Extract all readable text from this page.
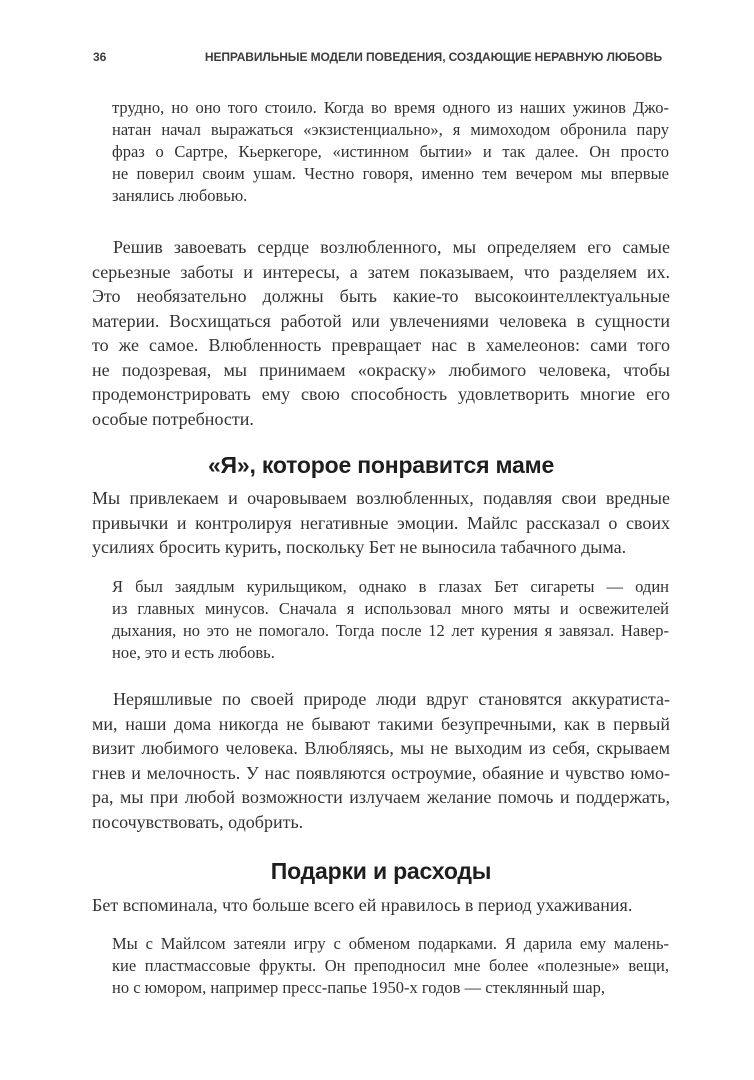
36	НЕПРАВИЛЬНЫЕ МОДЕЛИ ПОВЕДЕНИЯ, СОЗДАЮЩИЕ НЕРАВНУЮ ЛЮБОВЬ
трудно, но оно того стоило. Когда во время одного из наших ужинов Джо-
натан начал выражаться «экзистенциально», я мимоходом обронила пару
фраз о Сартре, Кьеркегоре, «истинном бытии» и так далее. Он просто
не поверил своим ушам. Честно говоря, именно тем вечером мы впервые
занялись любовью.
Решив завоевать сердце возлюбленного, мы определяем его самые
серьезные заботы и интересы, а затем показываем, что разделяем их.
Это необязательно должны быть какие-то высокоинтеллектуальные
материи. Восхищаться работой или увлечениями человека в сущности
то же самое. Влюбленность превращает нас в хамелеонов: сами того
не подозревая, мы принимаем «окраску» любимого человека, чтобы
продемонстрировать ему свою способность удовлетворить многие его
особые потребности.
«Я», которое понравится маме
Мы привлекаем и очаровываем возлюбленных, подавляя свои вредные
привычки и контролируя негативные эмоции. Майлс рассказал о своих
усилиях бросить курить, поскольку Бет не выносила табачного дыма.
Я был заядлым курильщиком, однако в глазах Бет сигареты — один
из главных минусов. Сначала я использовал много мяты и освежителей
дыхания, но это не помогало. Тогда после 12 лет курения я завязал. Навер-
ное, это и есть любовь.
Неряшливые по своей природе люди вдруг становятся аккуратиста-
ми, наши дома никогда не бывают такими безупречными, как в первый
визит любимого человека. Влюбляясь, мы не выходим из себя, скрываем
гнев и мелочность. У нас появляются остроумие, обаяние и чувство юмо-
ра, мы при любой возможности излучаем желание помочь и поддержать,
посочувствовать, одобрить.
Подарки и расходы
Бет вспоминала, что больше всего ей нравилось в период ухаживания.
Мы с Майлсом затеяли игру с обменом подарками. Я дарила ему малень-
кие пластмассовые фрукты. Он преподносил мне более «полезные» вещи,
но с юмором, например пресс-папье 1950-х годов — стеклянный шар,
